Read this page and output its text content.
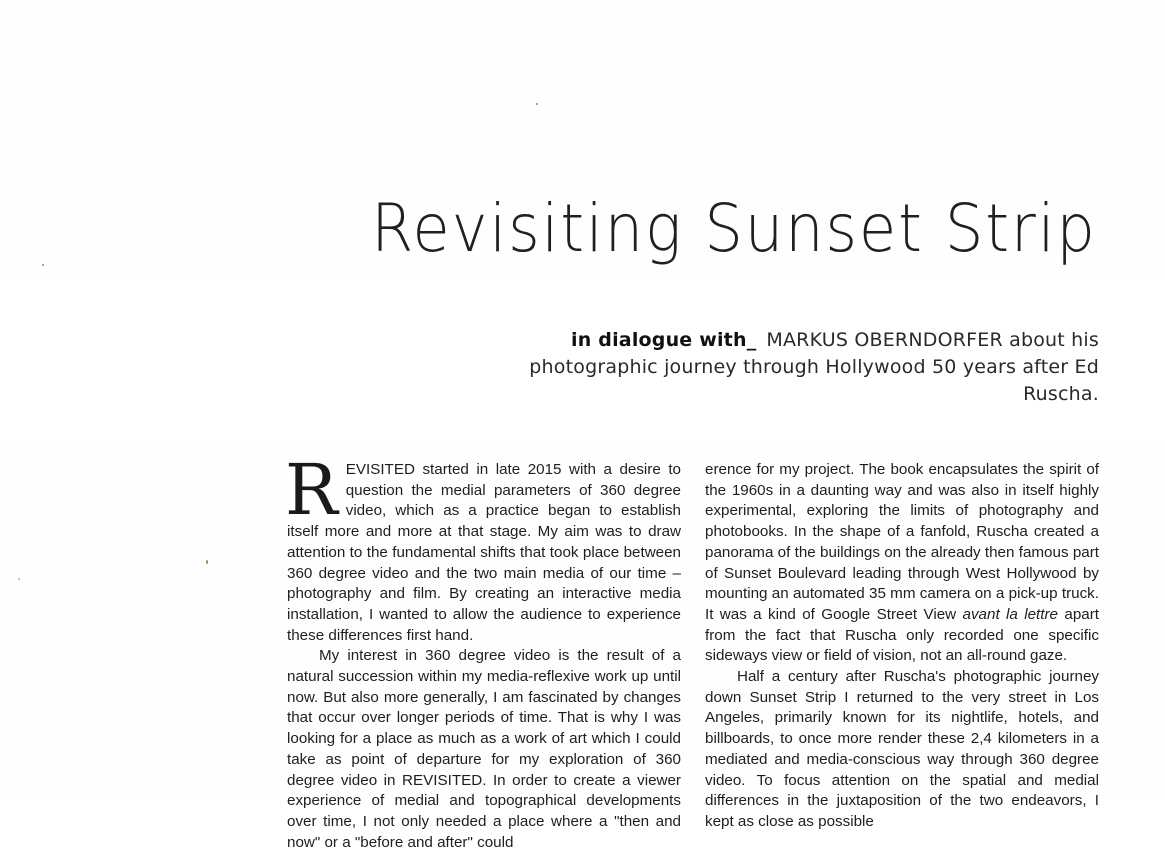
Revisiting Sunset Strip
in dialogue with_ MARKUS OBERNDORFER about his photographic journey through Hollywood 50 years after Ed Ruscha.

REVISITED started in late 2015 with a desire to question the medial parameters of 360 degree video, which as a practice began to establish itself more and more at that stage. My aim was to draw attention to the fundamental shifts that took place between 360 degree video and the two main media of our time – photography and film. By creating an interactive media installation, I wanted to allow the audience to experience these differences first hand.

My interest in 360 degree video is the result of a natural succession within my media-reflexive work up until now. But also more generally, I am fascinated by changes that occur over longer periods of time. That is why I was looking for a place as much as a work of art which I could take as point of departure for my exploration of 360 degree video in REVISITED. In order to create a viewer experience of medial and topographical developments over time, I not only needed a place where a "then and now" or a "before and after" could

erence for my project. The book encapsulates the spirit of the 1960s in a daunting way and was also in itself highly experimental, exploring the limits of photography and photobooks. In the shape of a fanfold, Ruscha created a panorama of the buildings on the already then famous part of Sunset Boulevard leading through West Hollywood by mounting an automated 35 mm camera on a pick-up truck. It was a kind of Google Street View avant la lettre apart from the fact that Ruscha only recorded one specific sideways view or field of vision, not an all-round gaze.

Half a century after Ruscha's photographic journey down Sunset Strip I returned to the very street in Los Angeles, primarily known for its nightlife, hotels, and billboards, to once more render these 2,4 kilometers in a mediated and media-conscious way through 360 degree video. To focus attention on the spatial and medial differences in the juxtaposition of the two endeavors, I kept as close as possible
